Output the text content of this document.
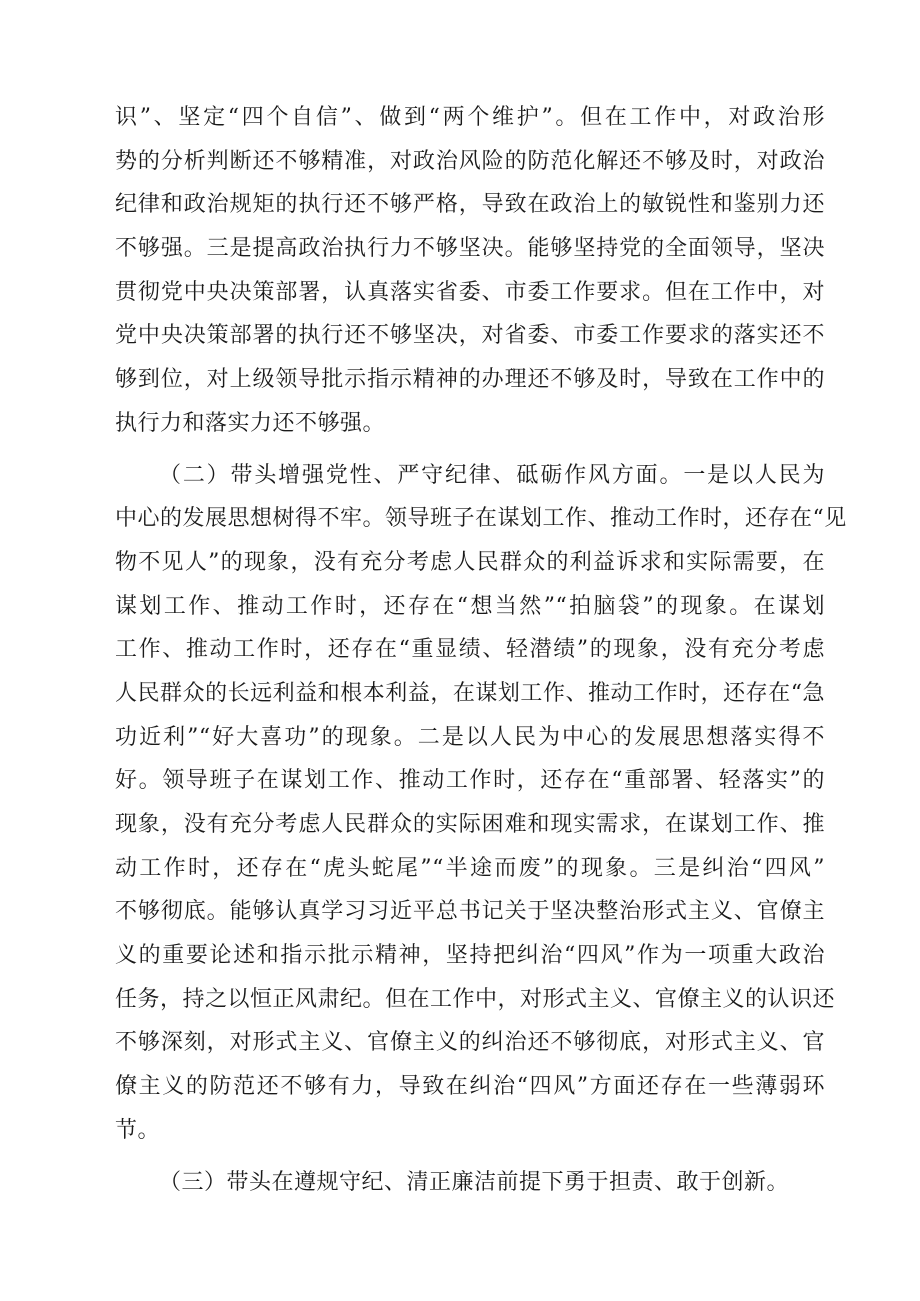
识”、坚定“四个自信”、做到“两个维护”。但在工作中，对政治形
势的分析判断还不够精准，对政治风险的防范化解还不够及时，对政治
纪律和政治规矩的执行还不够严格，导致在政治上的敏锐性和鉴别力还
不够强。三是提高政治执行力不够坚决。能够坚持党的全面领导，坚决
贯彻党中央决策部署，认真落实省委、市委工作要求。但在工作中，对
党中央决策部署的执行还不够坚决，对省委、市委工作要求的落实还不
够到位，对上级领导批示指示精神的办理还不够及时，导致在工作中的
执行力和落实力还不够强。
（二）带头增强党性、严守纪律、砥砺作风方面。一是以人民为
中心的发展思想树得不牢。领导班子在谋划工作、推动工作时，还存在“见
物不见人”的现象，没有充分考虑人民群众的利益诉求和实际需要，在
谋划工作、推动工作时，还存在“想当然”“拍脑袋”的现象。在谋划
工作、推动工作时，还存在“重显绩、轻潜绩”的现象，没有充分考虑
人民群众的长远利益和根本利益，在谋划工作、推动工作时，还存在“急
功近利”“好大喜功”的现象。二是以人民为中心的发展思想落实得不
好。领导班子在谋划工作、推动工作时，还存在“重部署、轻落实”的
现象，没有充分考虑人民群众的实际困难和现实需求，在谋划工作、推
动工作时，还存在“虎头蛇尾”“半途而废”的现象。三是纠治“四风”
不够彻底。能够认真学习习近平总书记关于坚决整治形式主义、官僚主
义的重要论述和指示批示精神，坚持把纠治“四风”作为一项重大政治
任务，持之以恒正风肃纪。但在工作中，对形式主义、官僚主义的认识还
不够深刻，对形式主义、官僚主义的纠治还不够彻底，对形式主义、官
僚主义的防范还不够有力，导致在纠治“四风”方面还存在一些薄弱环
节。
（三）带头在遵规守纪、清正廉洁前提下勇于担责、敢于创新。
